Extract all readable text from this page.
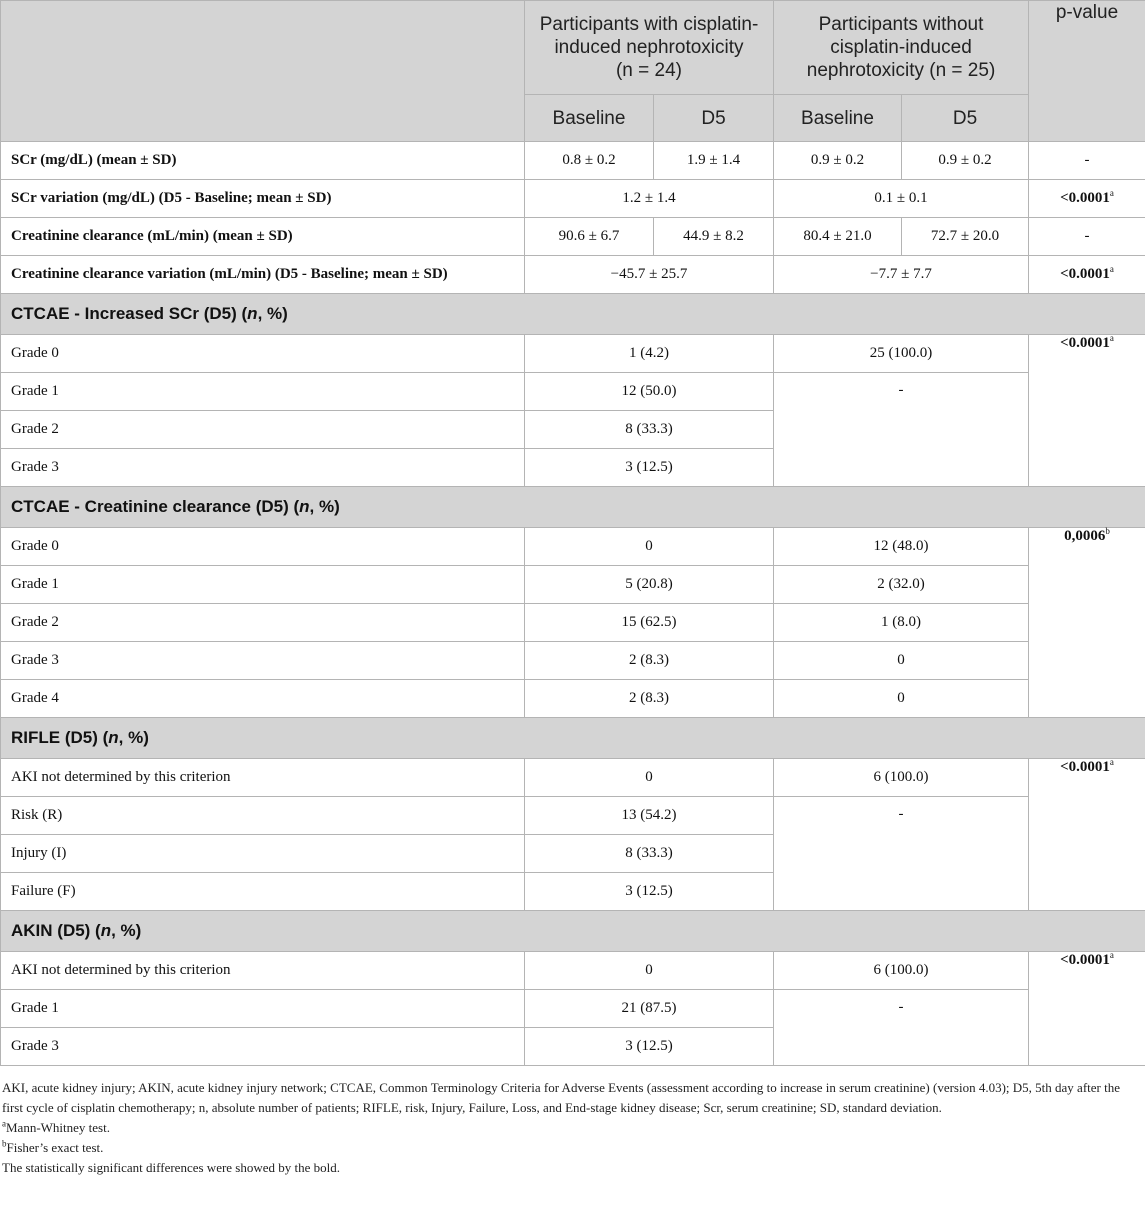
	Participants with cisplatin-
induced nephrotoxicity
(n = 24)		Participants without
cisplatin-induced
nephrotoxicity (n = 25)		p-value
	Baseline	D5	Baseline	D5	
SCr (mg/dL) (mean ± SD)	0.8 ± 0.2	1.9 ± 1.4	0.9 ± 0.2	0.9 ± 0.2	-
SCr variation (mg/dL) (D5 - Baseline; mean ± SD)	1.2 ± 1.4		0.1 ± 0.1		<0.0001$^a$
Creatinine clearance (mL/min) (mean ± SD)	90.6 ± 6.7	44.9 ± 8.2	80.4 ± 21.0	72.7 ± 20.0	-
Creatinine clearance variation (mL/min) (D5 - Baseline; mean ± SD)	−45.7 ± 25.7		−7.7 ± 7.7		<0.0001$^a$
CTCAE - Increased SCr (D5) (n, %)					
Grade 0	1 (4.2)		25 (100.0)		<0.0001$^a$
Grade 1	12 (50.0)		-		
Grade 2	8 (33.3)				
Grade 3	3 (12.5)				
CTCAE - Creatinine clearance (D5) (n, %)					
Grade 0	0		12 (48.0)		0,0006$^b$
Grade 1	5 (20.8)		2 (32.0)		
Grade 2	15 (62.5)		1 (8.0)		
Grade 3	2 (8.3)		0		
Grade 4	2 (8.3)		0		
RIFLE (D5) (n, %)					
AKI not determined by this criterion	0		6 (100.0)		<0.0001$^a$
Risk (R)	13 (54.2)		-		
Injury (I)	8 (33.3)				
Failure (F)	3 (12.5)				
AKIN (D5) (n, %)					
AKI not determined by this criterion	0		6 (100.0)		<0.0001$^a$
Grade 1	21 (87.5)		-		
Grade 3	3 (12.5)				

AKI, acute kidney injury; AKIN, acute kidney injury network; CTCAE, Common Terminology Criteria for Adverse Events (assessment according to increase in serum creatinine) (version 4.03); D5, 5th day after the first cycle of cisplatin chemotherapy; n, absolute number of patients; RIFLE, risk, Injury, Failure, Loss, and End-stage kidney disease; Scr, serum creatinine; SD, standard deviation.

$^a$Mann-Whitney test.

$^b$Fisher’s exact test.

The statistically significant differences were showed by the bold.
